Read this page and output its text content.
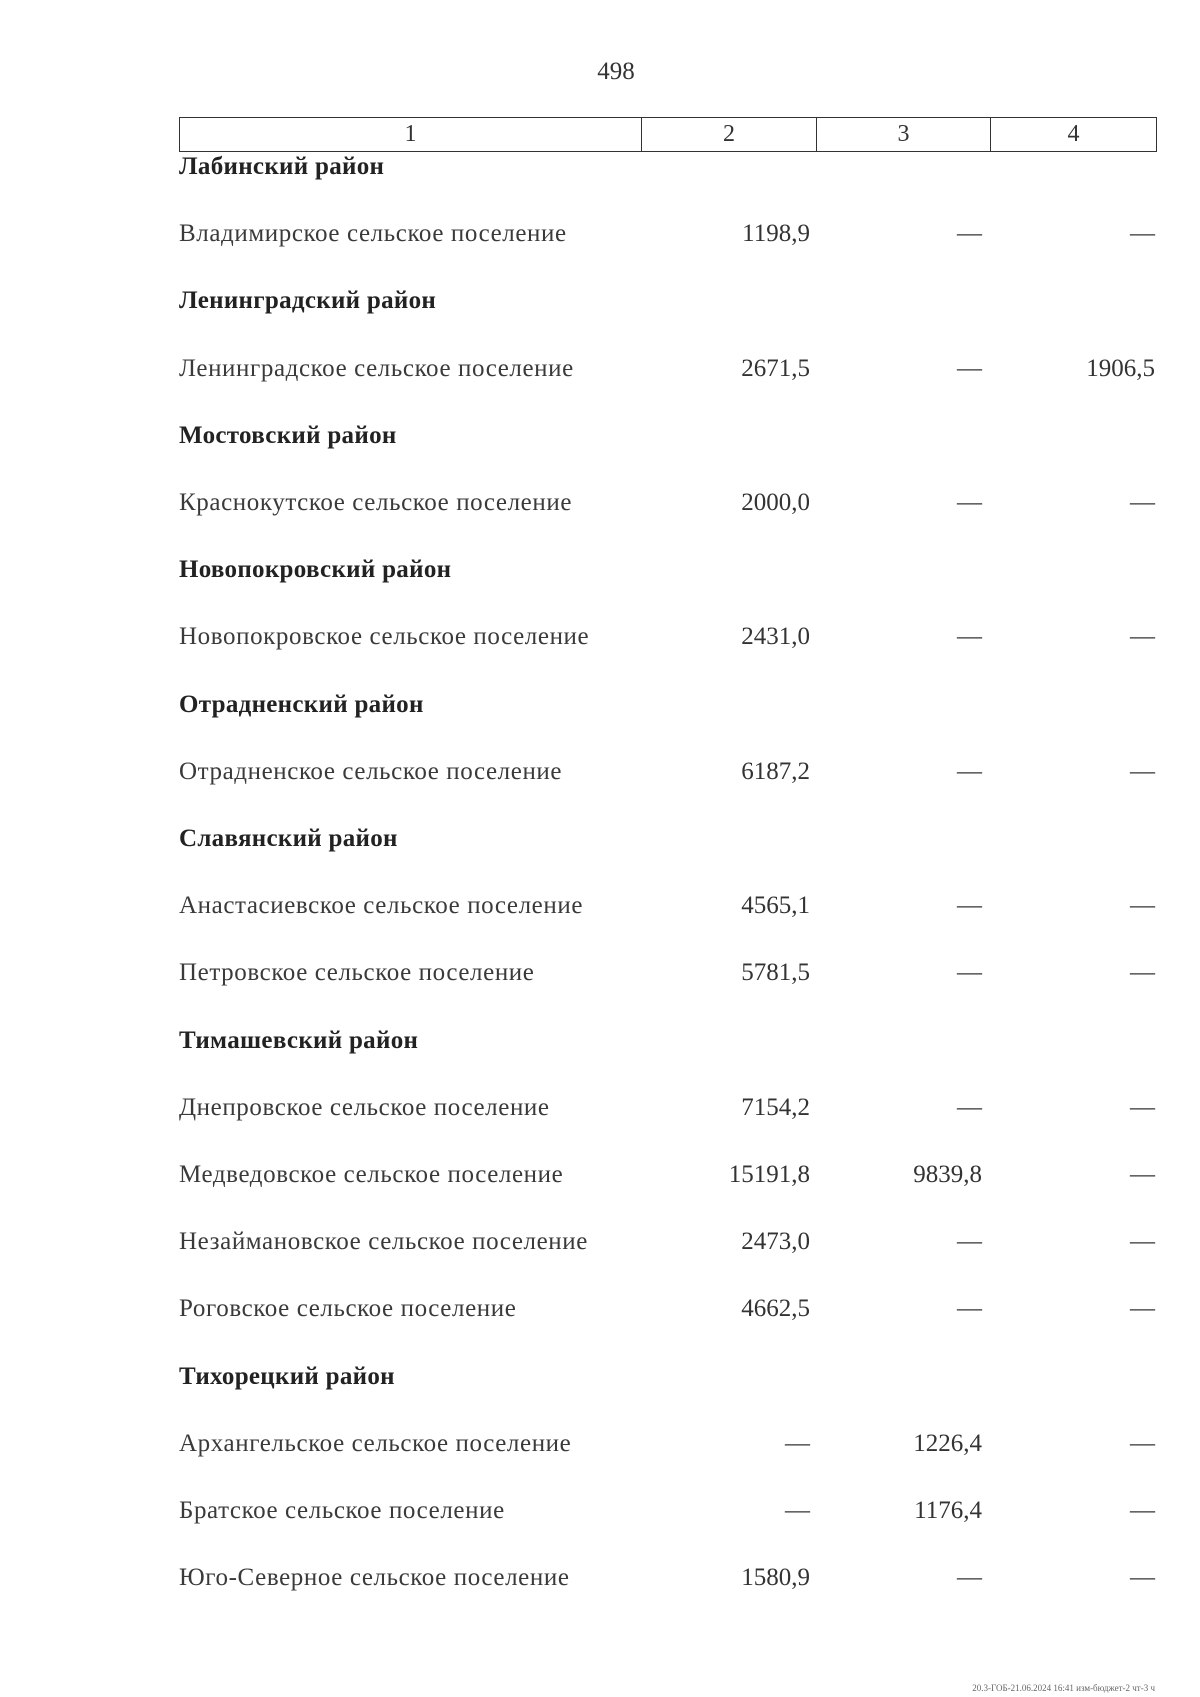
498
1	2	3	4
Лабинский район
Владимирское сельское поселение	1198,9	—	—
Ленинградский район
Ленинградское сельское поселение	2671,5	—	1906,5
Мостовский район
Краснокутское сельское поселение	2000,0	—	—
Новопокровский район
Новопокровское сельское поселение	2431,0	—	—
Отрадненский район
Отрадненское сельское поселение	6187,2	—	—
Славянский район
Анастасиевское сельское поселение	4565,1	—	—
Петровское сельское поселение	5781,5	—	—
Тимашевский район
Днепровское сельское поселение	7154,2	—	—
Медведовское сельское поселение	15191,8	9839,8	—
Незаймановское сельское поселение	2473,0	—	—
Роговское сельское поселение	4662,5	—	—
Тихорецкий район
Архангельское сельское поселение	—	1226,4	—
Братское сельское поселение	—	1176,4	—
Юго-Северное сельское поселение	1580,9	—	—
20.3-ГОБ-21.06.2024 16:41 изм-бюджет-2 чт-3 ч
